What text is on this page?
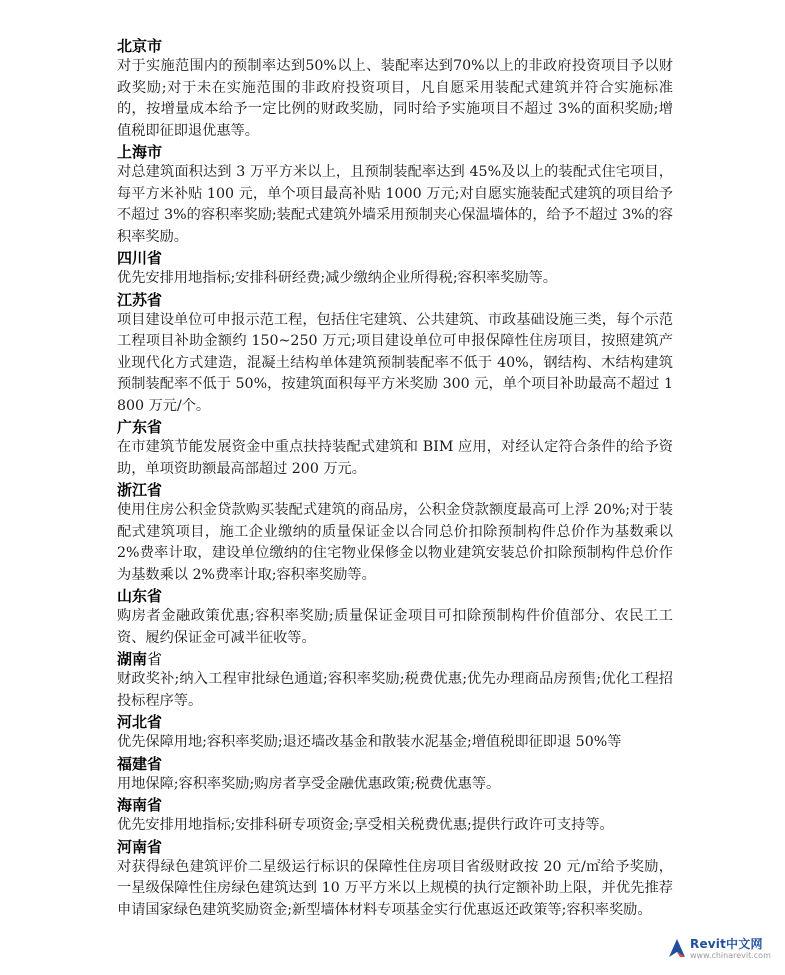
北京市
对于实施范围内的预制率达到50%以上、装配率达到70%以上的非政府投资项目予以财政奖励;对于未在实施范围的非政府投资项目，凡自愿采用装配式建筑并符合实施标准的，按增量成本给予一定比例的财政奖励，同时给予实施项目不超过 3%的面积奖励;增值税即征即退优惠等。
上海市
对总建筑面积达到 3 万平方米以上，且预制装配率达到 45%及以上的装配式住宅项目，每平方米补贴 100 元，单个项目最高补贴 1000 万元;对自愿实施装配式建筑的项目给予不超过 3%的容积率奖励;装配式建筑外墙采用预制夹心保温墙体的，给予不超过 3%的容积率奖励。
四川省
优先安排用地指标;安排科研经费;减少缴纳企业所得税;容积率奖励等。
江苏省
项目建设单位可申报示范工程，包括住宅建筑、公共建筑、市政基础设施三类，每个示范工程项目补助金额约 150~250 万元;项目建设单位可申报保障性住房项目，按照建筑产业现代化方式建造，混凝土结构单体建筑预制装配率不低于 40%，钢结构、木结构建筑预制装配率不低于 50%，按建筑面积每平方米奖励 300 元，单个项目补助最高不超过 1800 万元/个。
广东省
在市建筑节能发展资金中重点扶持装配式建筑和 BIM 应用，对经认定符合条件的给予资助，单项资助额最高部超过 200 万元。
浙江省
使用住房公积金贷款购买装配式建筑的商品房，公积金贷款额度最高可上浮 20%;对于装配式建筑项目，施工企业缴纳的质量保证金以合同总价扣除预制构件总价作为基数乘以 2%费率计取，建设单位缴纳的住宅物业保修金以物业建筑安装总价扣除预制构件总价作为基数乘以 2%费率计取;容积率奖励等。
山东省
购房者金融政策优惠;容积率奖励;质量保证金项目可扣除预制构件价值部分、农民工工资、履约保证金可减半征收等。
湖南省
财政奖补;纳入工程审批绿色通道;容积率奖励;税费优惠;优先办理商品房预售;优化工程招投标程序等。
河北省
优先保障用地;容积率奖励;退还墙改基金和散装水泥基金;增值税即征即退 50%等
福建省
用地保障;容积率奖励;购房者享受金融优惠政策;税费优惠等。
海南省
优先安排用地指标;安排科研专项资金;享受相关税费优惠;提供行政许可支持等。
河南省
对获得绿色建筑评价二星级运行标识的保障性住房项目省级财政按 20 元/㎡给予奖励，一星级保障性住房绿色建筑达到 10 万平方米以上规模的执行定额补助上限，并优先推荐申请国家绿色建筑奖励资金;新型墙体材料专项基金实行优惠返还政策等;容积率奖励。
Revit中文网
www.chinarevit.com
